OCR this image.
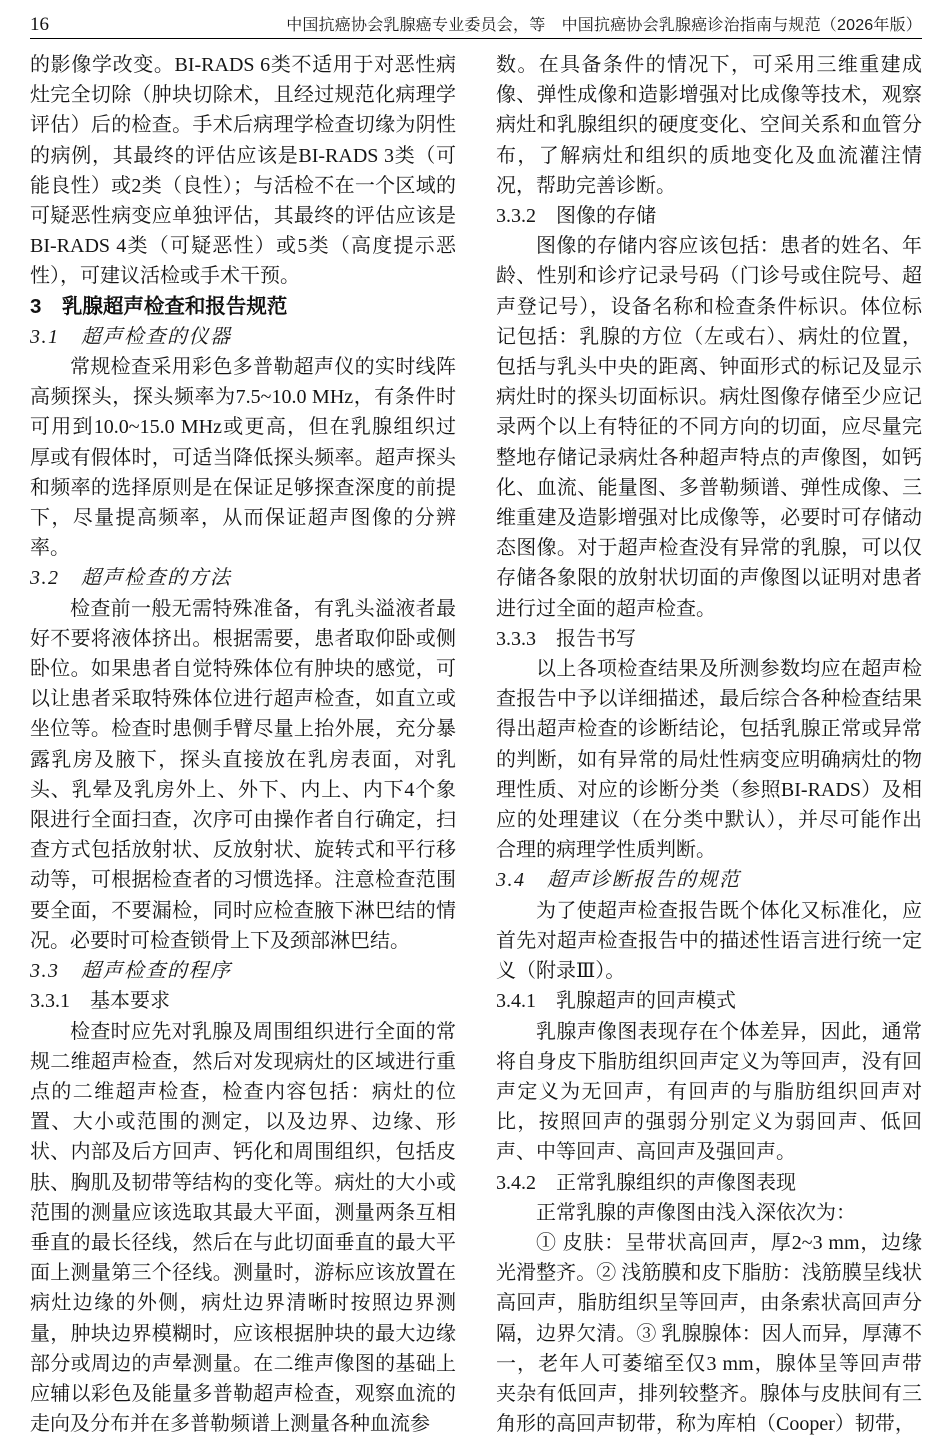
16	中国抗癌协会乳腺癌专业委员会，等　中国抗癌协会乳腺癌诊治指南与规范（2026年版）

的影像学改变。BI-RADS 6类不适用于对恶性病灶完全切除（肿块切除术，且经过规范化病理学评估）后的检查。手术后病理学检查切缘为阴性的病例，其最终的评估应该是BI-RADS 3类（可能良性）或2类（良性）；与活检不在一个区域的可疑恶性病变应单独评估，其最终的评估应该是BI-RADS 4类（可疑恶性）或5类（高度提示恶性），可建议活检或手术干预。

3　乳腺超声检查和报告规范
3.1　超声检查的仪器

常规检查采用彩色多普勒超声仪的实时线阵高频探头，探头频率为7.5~10.0 MHz，有条件时可用到10.0~15.0 MHz或更高，但在乳腺组织过厚或有假体时，可适当降低探头频率。超声探头和频率的选择原则是在保证足够探查深度的前提下，尽量提高频率，从而保证超声图像的分辨率。

3.2　超声检查的方法

检查前一般无需特殊准备，有乳头溢液者最好不要将液体挤出。根据需要，患者取仰卧或侧卧位。如果患者自觉特殊体位有肿块的感觉，可以让患者采取特殊体位进行超声检查，如直立或坐位等。检查时患侧手臂尽量上抬外展，充分暴露乳房及腋下，探头直接放在乳房表面，对乳头、乳晕及乳房外上、外下、内上、内下4个象限进行全面扫查，次序可由操作者自行确定，扫查方式包括放射状、反放射状、旋转式和平行移动等，可根据检查者的习惯选择。注意检查范围要全面，不要漏检，同时应检查腋下淋巴结的情况。必要时可检查锁骨上下及颈部淋巴结。

3.3　超声检查的程序
3.3.1　基本要求

检查时应先对乳腺及周围组织进行全面的常规二维超声检查，然后对发现病灶的区域进行重点的二维超声检查，检查内容包括：病灶的位置、大小或范围的测定，以及边界、边缘、形状、内部及后方回声、钙化和周围组织，包括皮肤、胸肌及韧带等结构的变化等。病灶的大小或范围的测量应该选取其最大平面，测量两条互相垂直的最长径线，然后在与此切面垂直的最大平面上测量第三个径线。测量时，游标应该放置在病灶边缘的外侧，病灶边界清晰时按照边界测量，肿块边界模糊时，应该根据肿块的最大边缘部分或周边的声晕测量。在二维声像图的基础上应辅以彩色及能量多普勒超声检查，观察血流的走向及分布并在多普勒频谱上测量各种血流参

数。在具备条件的情况下，可采用三维重建成像、弹性成像和造影增强对比成像等技术，观察病灶和乳腺组织的硬度变化、空间关系和血管分布，了解病灶和组织的质地变化及血流灌注情况，帮助完善诊断。

3.3.2　图像的存储

图像的存储内容应该包括：患者的姓名、年龄、性别和诊疗记录号码（门诊号或住院号、超声登记号），设备名称和检查条件标识。体位标记包括：乳腺的方位（左或右）、病灶的位置，包括与乳头中央的距离、钟面形式的标记及显示病灶时的探头切面标识。病灶图像存储至少应记录两个以上有特征的不同方向的切面，应尽量完整地存储记录病灶各种超声特点的声像图，如钙化、血流、能量图、多普勒频谱、弹性成像、三维重建及造影增强对比成像等，必要时可存储动态图像。对于超声检查没有异常的乳腺，可以仅存储各象限的放射状切面的声像图以证明对患者进行过全面的超声检查。

3.3.3　报告书写

以上各项检查结果及所测参数均应在超声检查报告中予以详细描述，最后综合各种检查结果得出超声检查的诊断结论，包括乳腺正常或异常的判断，如有异常的局灶性病变应明确病灶的物理性质、对应的诊断分类（参照BI-RADS）及相应的处理建议（在分类中默认），并尽可能作出合理的病理学性质判断。

3.4　超声诊断报告的规范

为了使超声检查报告既个体化又标准化，应首先对超声检查报告中的描述性语言进行统一定义（附录Ⅲ）。

3.4.1　乳腺超声的回声模式

乳腺声像图表现存在个体差异，因此，通常将自身皮下脂肪组织回声定义为等回声，没有回声定义为无回声，有回声的与脂肪组织回声对比，按照回声的强弱分别定义为弱回声、低回声、中等回声、高回声及强回声。

3.4.2　正常乳腺组织的声像图表现

正常乳腺的声像图由浅入深依次为：

① 皮肤：呈带状高回声，厚2~3 mm，边缘光滑整齐。② 浅筋膜和皮下脂肪：浅筋膜呈线状高回声，脂肪组织呈等回声，由条索状高回声分隔，边界欠清。③ 乳腺腺体：因人而异，厚薄不一，老年人可萎缩至仅3 mm，腺体呈等回声带夹杂有低回声，排列较整齐。腺体与皮肤间有三角形的高回声韧带，称为库柏（Cooper）韧带，
